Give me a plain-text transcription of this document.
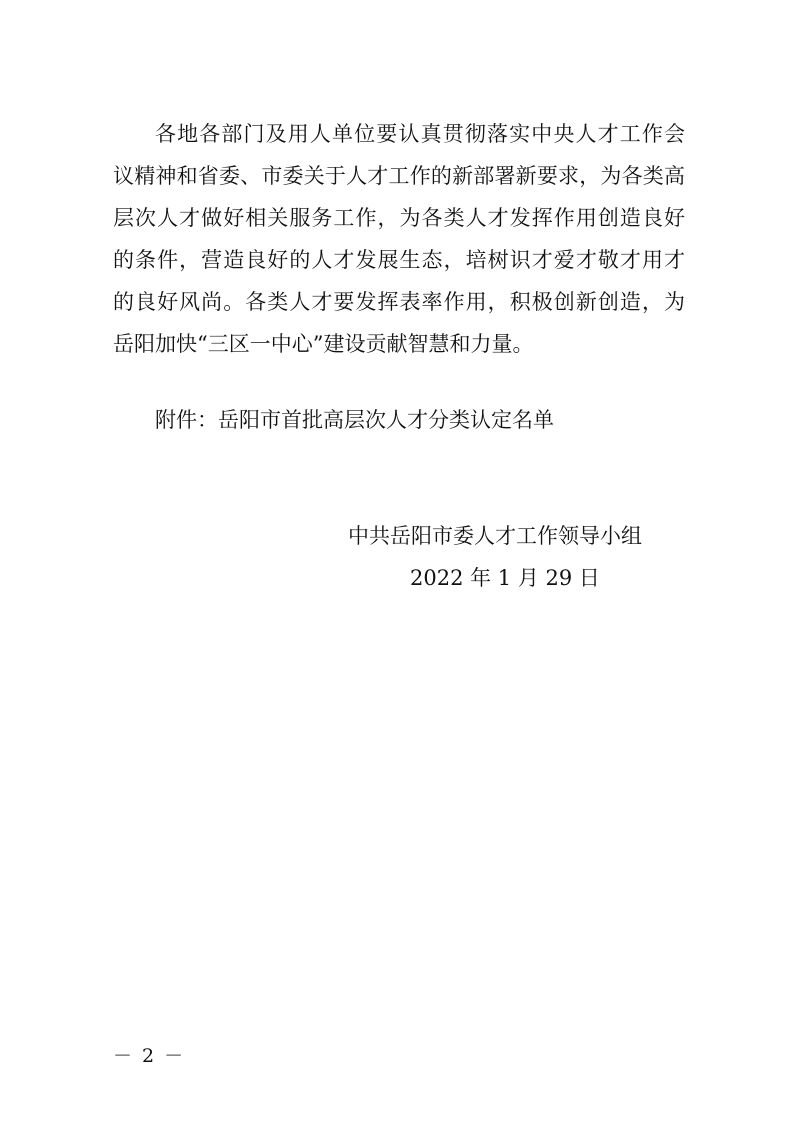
各地各部门及用人单位要认真贯彻落实中央人才工作会
议精神和省委、市委关于人才工作的新部署新要求，为各类高
层次人才做好相关服务工作，为各类人才发挥作用创造良好
的条件，营造良好的人才发展生态，培树识才爱才敬才用才
的良好风尚。各类人才要发挥表率作用，积极创新创造，为
岳阳加快“三区一中心”建设贡献智慧和力量。
附件：岳阳市首批高层次人才分类认定名单
中共岳阳市委人才工作领导小组
2022 年 1 月 29 日
－ 2 －
